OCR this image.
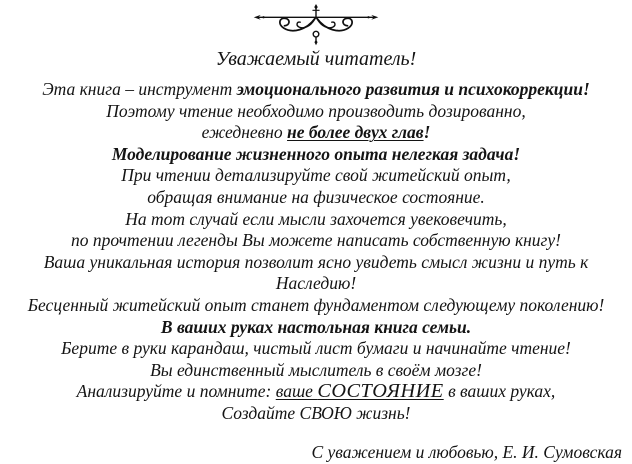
Уважаемый читатель!
Эта книга – инструмент эмоционального развития и психокоррекции!
Поэтому чтение необходимо производить дозированно,
ежедневно не более двух глав!
Моделирование жизненного опыта нелегкая задача!
При чтении детализируйте свой житейский опыт,
обращая внимание на физическое состояние.
На тот случай если мысли захочется увековечить,
по прочтении легенды Вы можете написать собственную книгу!
Ваша уникальная история позволит ясно увидеть смысл жизни и путь к
Наследию!
Бесценный житейский опыт станет фундаментом следующему поколению!
В ваших руках настольная книга семьи.
Берите в руки карандаш, чистый лист бумаги и начинайте чтение!
Вы единственный мыслитель в своём мозге!
Анализируйте и помните: ваше СОСТОЯНИЕ в ваших руках,
Создайте СВОЮ жизнь!
С уважением и любовью, Е. И. Сумовская
